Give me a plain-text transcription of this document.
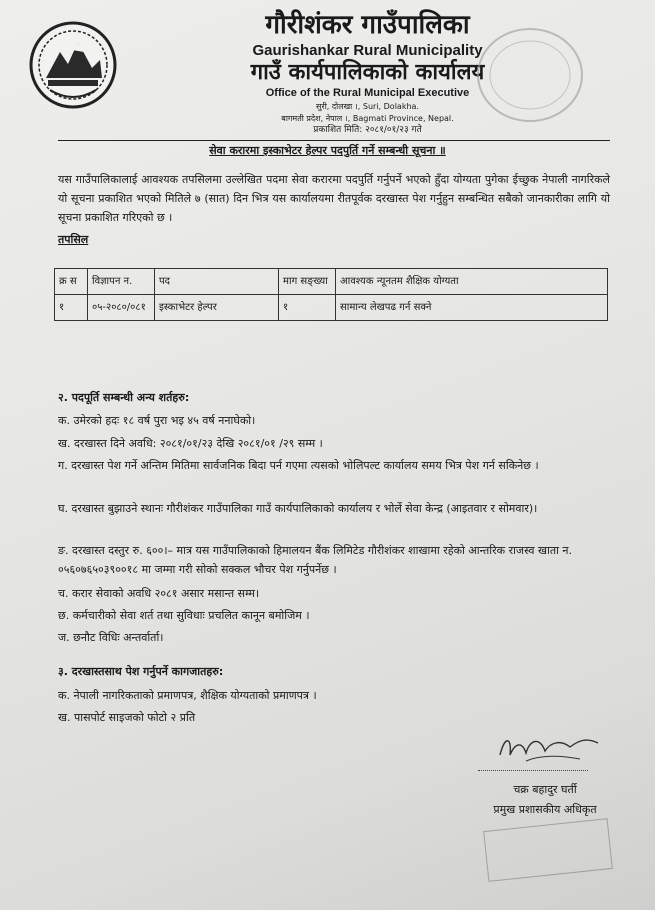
गौरीशंकर गाउँपालिका
Gaurishankar Rural Municipality
गाउँ कार्यपालिकाको कार्यालय
Office of the Rural Municipal Executive
सुरी, दोलखा ।, Suri, Dolakha.
बागमती प्रदेश, नेपाल ।, Bagmati Province, Nepal.
प्रकाशित मिति: २०८१/०१/२३ गते
सेवा करारमा इस्काभेटर हेल्पर पदपुर्ति गर्ने सम्बन्धी सूचना ॥
यस गाउँपालिकालाई आवश्यक तपसिलमा उल्लेखित पदमा सेवा करारमा पदपुर्ति गर्नुपर्ने भएको हुँदा योग्यता पुगेका ईच्छुक नेपाली नागरिकले यो सूचना प्रकाशित भएको मितिले ७ (सात) दिन भित्र यस कार्यालयमा रीतपूर्वक दरखास्त पेश गर्नुहुन सम्बन्धित सबैको जानकारीका लागि यो सूचना प्रकाशित गरिएको छ ।
तपसिल
क्र स	विज्ञापन न.	पद	माग सङ्ख्या	आवश्यक न्यूनतम शैक्षिक योग्यता
१	०५-२०८०/०८१	इस्काभेटर हेल्पर	१	सामान्य लेखपढ गर्न सक्ने
२. पदपूर्ति सम्बन्धी अन्य शर्तहरु:
क. उमेरको हदः १८ वर्ष पुरा भइ ४५ वर्ष ननाघेको।
ख. दरखास्त दिने अवधि: २०८१/०१/२३ देखि २०८१/०१ /२९ सम्म ।
ग. दरखास्त पेश गर्ने अन्तिम मितिमा सार्वजनिक बिदा पर्न गएमा त्यसको भोलिपल्ट कार्यालय समय भित्र पेश गर्न सकिनेछ ।
घ. दरखास्त बुझाउने स्थानः गौरीशंकर गाउँपालिका गाउँ कार्यपालिकाको कार्यालय र भोर्ले सेवा केन्द्र (आइतवार र सोमवार)।
ङ. दरखास्त दस्तुर रु. ६००।– मात्र यस गाउँपालिकाको हिमालयन बैंक लिमिटेड गौरीशंकर शाखामा रहेको आन्तरिक राजस्व खाता न. ०५६०७६५०३९००१८ मा जम्मा गरी सोको सक्कल भौचर पेश गर्नुपर्नेछ ।
च. करार सेवाको अवधि २०८१ असार मसान्त सम्म।
छ. कर्मचारीको सेवा शर्त तथा सुविधाः प्रचलित कानून बमोजिम ।
ज. छनौट विधिः अन्तर्वार्ता।
३. दरखास्तसाथ पेश गर्नुपर्ने कागजातहरु:
क. नेपाली नागरिकताको प्रमाणपत्र, शैक्षिक योग्यताको प्रमाणपत्र ।
ख. पासपोर्ट साइजको फोटो २ प्रति
चक्र बहादुर घर्ती
प्रमुख प्रशासकीय अधिकृत
